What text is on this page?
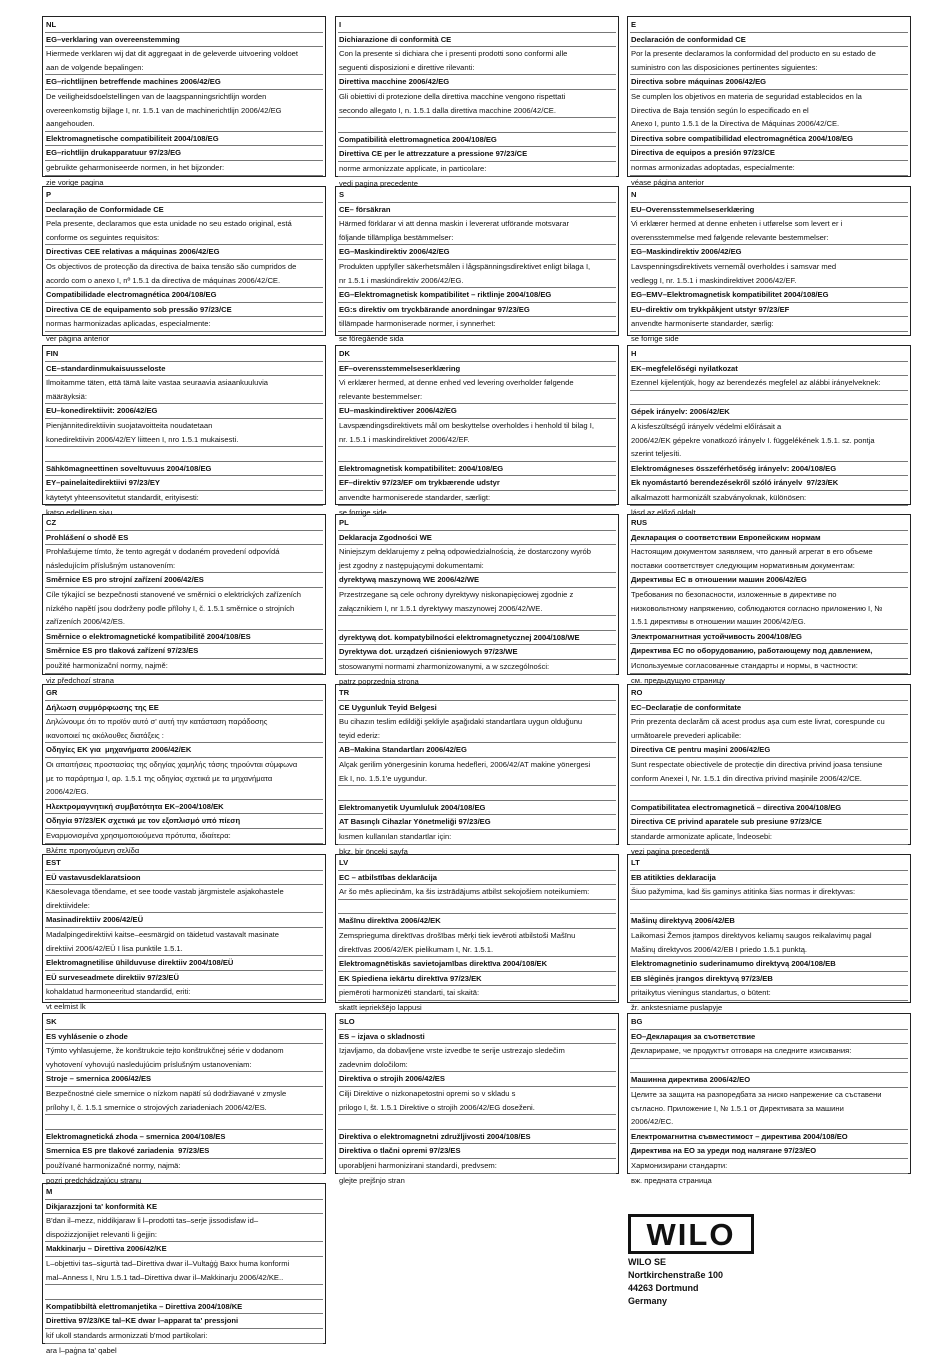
NL
EG–verklaring van overeenstemming
Hiermede verklaren wij dat dit aggregaat in de geleverde uitvoering voldoet
aan de volgende bepalingen:
EG–richtlijnen betreffende machines 2006/42/EG
De veiligheidsdoelstellingen van de laagspanningsrichtlijn worden
overeenkomstig bijlage I, nr. 1.5.1 van de machinerichtlijn 2006/42/EG
aangehouden.
Elektromagnetische compatibiliteit 2004/108/EG
EG–richtlijn drukapparatuur 97/23/EG
gebruikte geharmoniseerde normen, in het bijzonder:
zie vorige pagina
I
Dichiarazione di conformità CE
Con la presente si dichiara che i presenti prodotti sono conformi alle
seguenti disposizioni e direttive rilevanti:
Direttiva macchine 2006/42/EG
Gli obiettivi di protezione della direttiva macchine vengono rispettati
secondo allegato I, n. 1.5.1 dalla direttiva macchine 2006/42/CE.
Compatibilità elettromagnetica 2004/108/EG
Direttiva CE per le attrezzature a pressione 97/23/CE
norme armonizzate applicate, in particolare:
vedi pagina precedente
E
Declaración de conformidad CE
Por la presente declaramos la conformidad del producto en su estado de
suministro con las disposiciones pertinentes siguientes:
Directiva sobre máquinas 2006/42/EG
Se cumplen los objetivos en materia de seguridad establecidos en la
Directiva de Baja tensión según lo especificado en el
Anexo I, punto 1.5.1 de la Directiva de Máquinas 2006/42/CE.
Directiva sobre compatibilidad electromagnética 2004/108/EG
Directiva de equipos a presión 97/23/CE
normas armonizadas adoptadas, especialmente:
véase página anterior
P
Declaração de Conformidade CE
Pela presente, declaramos que esta unidade no seu estado original, está
conforme os seguintes requisitos:
Directivas CEE relativas a máquinas 2006/42/EG
Os objectivos de protecção da directiva de baixa tensão são cumpridos de
acordo com o anexo I, nº 1.5.1 da directiva de máquinas 2006/42/CE.
Compatibilidade electromagnética 2004/108/EG
Directiva CE de equipamento sob pressão 97/23/CE
normas harmonizadas aplicadas, especialmente:
ver página anterior
S
CE– försäkran
Härmed förklarar vi att denna maskin i levererat utförande motsvarar
följande tillämpliga bestämmelser:
EG–Maskindirektiv 2006/42/EG
Produkten uppfyller säkerhetsmålen i lågspänningsdirektivet enligt bilaga I,
nr 1.5.1 i maskindirektiv 2006/42/EG.
EG–Elektromagnetisk kompatibilitet – riktlinje 2004/108/EG
EG:s direktiv om tryckbärande anordningar 97/23/EG
tillämpade harmoniserade normer, i synnerhet:
se föregående sida
N
EU–Overensstemmelseserklæring
Vi erklærer hermed at denne enheten i utførelse som levert er i
overensstemmelse med følgende relevante bestemmelser:
EG–Maskindirektiv 2006/42/EG
Lavspenningsdirektivets vernemål overholdes i samsvar med
vedlegg I, nr. 1.5.1 i maskindirektivet 2006/42/EF.
EG–EMV–Elektromagnetisk kompatibilitet 2004/108/EG
EU–direktiv om trykkpåkjent utstyr 97/23/EF
anvendte harmoniserte standarder, særlig:
se forrige side
FIN
CE–standardinmukaisuusseloste
Ilmoitamme täten, että tämä laite vastaa seuraavia asiaankuuluvia
määräyksiä:
EU–konedirektiivit: 2006/42/EG
Pienjännitedirektiivin suojatavoitteita noudatetaan
konedirektiivin 2006/42/EY liitteen I, nro 1.5.1 mukaisesti.
Sähkömagneettinen soveltuvuus 2004/108/EG
EY–painelaitedirektiivi 97/23/EY
käytetyt yhteensovitetut standardit, erityisesti:
katso edellinen sivu.
DK
EF–overensstemmelseserklæring
Vi erklærer hermed, at denne enhed ved levering overholder følgende
relevante bestemmelser:
EU–maskindirektiver 2006/42/EG
Lavspændingsdirektivets mål om beskyttelse overholdes i henhold til bilag I,
nr. 1.5.1 i maskindirektivet 2006/42/EF.
Elektromagnetisk kompatibilitet: 2004/108/EG
EF–direktiv 97/23/EF om trykbærende udstyr
anvendte harmoniserede standarder, særligt:
se forrige side
H
EK–megfelelőségi nyilatkozat
Ezennel kijelentjük, hogy az berendezés megfelel az alábbi irányelveknek:
Gépek irányelv: 2006/42/EK
A kisfeszültségű irányelv védelmi előírásait a
2006/42/EK gépekre vonatkozó irányelv I. függelékének 1.5.1. sz. pontja
szerint teljesíti.
Elektromágneses összeférhetőség irányelv: 2004/108/EG
Ek nyomástartó berendezésekről szóló irányelv  97/23/EK
alkalmazott harmonizált szabványoknak, különösen:
lásd az előző oldalt
CZ
Prohlášení o shodě ES
Prohlašujeme tímto, že tento agregát v dodaném provedení odpovídá
následujícím příslušným ustanovením:
Směrnice ES pro strojní zařízení 2006/42/ES
Cíle týkající se bezpečnosti stanovené ve směrnici o elektrických zařízeních
nízkého napětí jsou dodrženy podle přílohy I, č. 1.5.1 směrnice o strojních
zařízeních 2006/42/ES.
Směrnice o elektromagnetické kompatibilitě 2004/108/ES
Směrnice ES pro tlaková zařízení 97/23/ES
použité harmonizační normy, najmě:
viz předchozí strana
PL
Deklaracja Zgodności WE
Niniejszym deklarujemy z pełną odpowiedzialnością, że dostarczony wyrób
jest zgodny z następującymi dokumentami:
dyrektywą maszynową WE 2006/42/WE
Przestrzegane są cele ochrony dyrektywy niskonapięciowej zgodnie z
załącznikiem I, nr 1.5.1 dyrektywy maszynowej 2006/42/WE.
dyrektywą dot. kompatybilności elektromagnetycznej 2004/108/WE
Dyrektywa dot. urządzeń ciśnieniowych 97/23/WE
stosowanymi normami zharmonizowanymi, a w szczególności:
patrz poprzednia strona
RUS
Декларация о соответствии Европейским нормам
Настоящим документом заявляем, что данный агрегат в его объеме
поставки соответствует следующим нормативным документам:
Директивы ЕС в отношении машин 2006/42/EG
Требования по безопасности, изложенные в директиве по
низковольтному напряжению, соблюдаются согласно приложению I, №
1.5.1 директивы в отношении машин 2006/42/EG.
Электромагнитная устойчивость 2004/108/EG
Директива ЕС по оборудованию, работающему под давлением,
Используемые согласованные стандарты и нормы, в частности:
см. предыдущую страницу
GR
Δήλωση συμμόρφωσης της ΕΕ
Δηλώνουμε ότι το προϊόν αυτό σ' αυτή την κατάσταση παράδοσης
ικανοποιεί τις ακόλουθες διατάξεις :
Οδηγίες EK για  μηχανήματα 2006/42/ΕΚ
Οι απαιτήσεις προστασίας της οδηγίας χαμηλής τάσης τηρούνται σύμφωνα
με το παράρτημα I, αρ. 1.5.1 της οδηγίας σχετικά με τα μηχανήματα
2006/42/EG.
Ηλεκτρομαγνητική συμβατότητα ΕΚ–2004/108/ΕΚ
Οδηγία 97/23/ΕΚ σχετικά με τον εξοπλισμό υπό πίεση
Εναρμονισμένα χρησιμοποιούμενα πρότυπα, ιδιαίτερα:
Βλέπε προηγούμενη σελίδα
TR
CE Uygunluk Teyid Belgesi
Bu cihazın teslim edildiği şekliyle aşağıdaki standartlara uygun olduğunu
teyid ederiz:
AB–Makina Standartları 2006/42/EG
Alçak gerilim yönergesinin koruma hedefleri, 2006/42/AT makine yönergesi
Ek I, no. 1.5.1'e uygundur.
Elektromanyetik Uyumluluk 2004/108/EG
AT Basınçlı Cihazlar Yönetmeliği 97/23/EG
kısmen kullanılan standartlar için:
bkz. bir önceki sayfa
RO
EC–Declarație de conformitate
Prin prezenta declarăm că acest produs așa cum este livrat, corespunde cu
următoarele prevederi aplicabile:
Directiva CE pentru mașini 2006/42/EG
Sunt respectate obiectivele de protecție din directiva privind joasa tensiune
conform Anexei I, Nr. 1.5.1 din directiva privind mașinile 2006/42/CE.
Compatibilitatea electromagnetică – directiva 2004/108/EG
Directiva CE privind aparatele sub presiune 97/23/CE
standarde armonizate aplicate, îndeosebi:
vezi pagina precedentă
EST
EÜ vastavusdeklaratsioon
Käesolevaga tõendame, et see toode vastab järgmistele asjakohastele
direktiividele:
Masinadirektiiv 2006/42/EÜ
Madalpingedirektiivi kaitse–eesmärgid on täidetud vastavalt masinate
direktiivi 2006/42/EÜ I lisa punktile 1.5.1.
Elektromagnetilise ühilduvuse direktiiv 2004/108/EÜ
EÜ surveseadmete direktiiv 97/23/EÜ
kohaldatud harmoneeritud standardid, eriti:
vt eelmist lk
LV
EC – atbilstības deklarācija
Ar šo mēs apliecinām, ka šis izstrādājums atbilst sekojošiem noteikumiem:
Mašīnu direktīva 2006/42/EK
Zemsprieguma direktīvas drošības mērķi tiek ievēroti atbilstoši Mašīnu
direktīvas 2006/42/EK pielikumam I, Nr. 1.5.1.
Elektromagnētiskās savietojamības direktīva 2004/108/EK
EK Spiediena iekārtu direktīva 97/23/EK
piemēroti harmonizēti standarti, tai skaitā:
skatīt iepriekšējo lappusi
LT
EB atitikties deklaracija
Šiuo pažymima, kad šis gaminys atitinka šias normas ir direktyvas:
Mašinų direktyvą 2006/42/EB
Laikomasi Žemos įtampos direktyvos keliamų saugos reikalavimų pagal
Mašinų direktyvos 2006/42/EB I priedo 1.5.1 punktą.
Elektromagnetinio suderinamumo direktyvą 2004/108/EB
EB slėginės įrangos direktyvą 97/23/EB
pritaikytus vieningus standartus, o būtent:
žr. ankstesniame puslapyje
SK
ES vyhlásenie o zhode
Týmto vyhlasujeme, že konštrukcie tejto konštrukčnej série v dodanom
vyhotovení vyhovujú nasledujúcim príslušným ustanoveniam:
Stroje – smernica 2006/42/ES
Bezpečnostné ciele smernice o nízkom napätí sú dodržiavané v zmysle
prílohy I, č. 1.5.1 smernice o strojových zariadeniach 2006/42/ES.
Elektromagnetická zhoda – smernica 2004/108/ES
Smernica ES pre tlakové zariadenia  97/23/ES
používané harmonizačné normy, najmä:
pozri predchádzajúcu stranu
SLO
ES – izjava o skladnosti
Izjavljamo, da dobavljene vrste izvedbe te serije ustrezajo sledečim
zadevnim določilom:
Direktiva o strojih 2006/42/ES
Cilji Direktive o nizkonapetostni opremi so v skladu s
prilogo I, št. 1.5.1 Direktive o strojih 2006/42/EG doseženi.
Direktiva o elektromagnetni združljivosti 2004/108/ES
Direktiva o tlačni opremi 97/23/ES
uporabljeni harmonizirani standardi, predvsem:
glejte prejšnjo stran
BG
ЕО–Декларация за съответствие
Декларираме, че продуктът отговаря на следните изисквания:
Машинна директива 2006/42/ЕО
Целите за защита на разпоредбата за ниско напрежение са съставени
съгласно. Приложение I, № 1.5.1 от Директивата за машини
2006/42/ЕС.
Електромагнитна съвместимост – директива 2004/108/ЕО
Директива на ЕО за уреди под налягане 97/23/ЕО
Хармонизирани стандарти:
вж. предната страница
M
Dikjarazzjoni ta' konformità KE
B'dan il–mezz, niddikjaraw li l–prodotti tas–serje jissodisfaw id–
dispożizzjonijiet relevanti li ġejjin:
Makkinarju – Direttiva 2006/42/KE
L–objettivi tas–sigurtà tad–Direttiva dwar il–Vultaġġ Baxx huma konformi
mal–Anness I, Nru 1.5.1 tad–Direttiva dwar il–Makkinarju 2006/42/KE..
Kompatibbiltà elettromanjetika – Direttiva 2004/108/KE
Direttiva 97/23/KE tal–KE dwar l–apparat ta' pressjoni
kif ukoll standards armonizzati b'mod partikolari:
ara l–paġna ta' qabel
WILO
WILO SE
Nortkirchenstraße 100
44263 Dortmund
Germany
